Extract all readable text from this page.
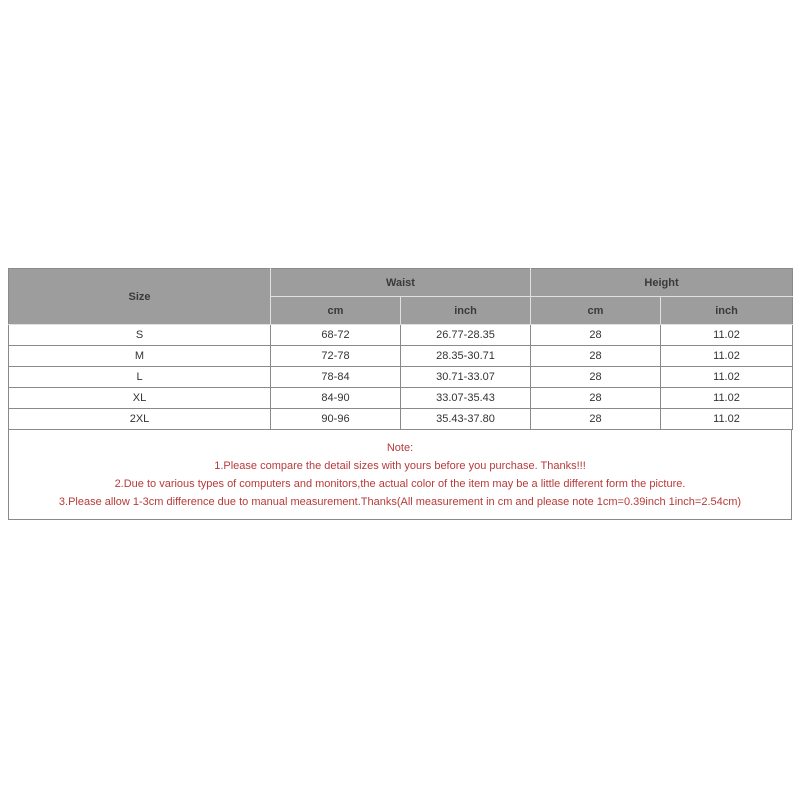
Size	Waist		Height	
	cm	inch	cm	inch
S	68-72	26.77-28.35	28	11.02
M	72-78	28.35-30.71	28	11.02
L	78-84	30.71-33.07	28	11.02
XL	84-90	33.07-35.43	28	11.02
2XL	90-96	35.43-37.80	28	11.02
Note:
1.Please compare the detail sizes with yours before you purchase. Thanks!!!
2.Due to various types of computers and monitors,the actual color of the item may be a little different form the picture.
3.Please allow 1-3cm difference due to manual measurement.Thanks(All measurement in cm and please note 1cm=0.39inch 1inch=2.54cm)
